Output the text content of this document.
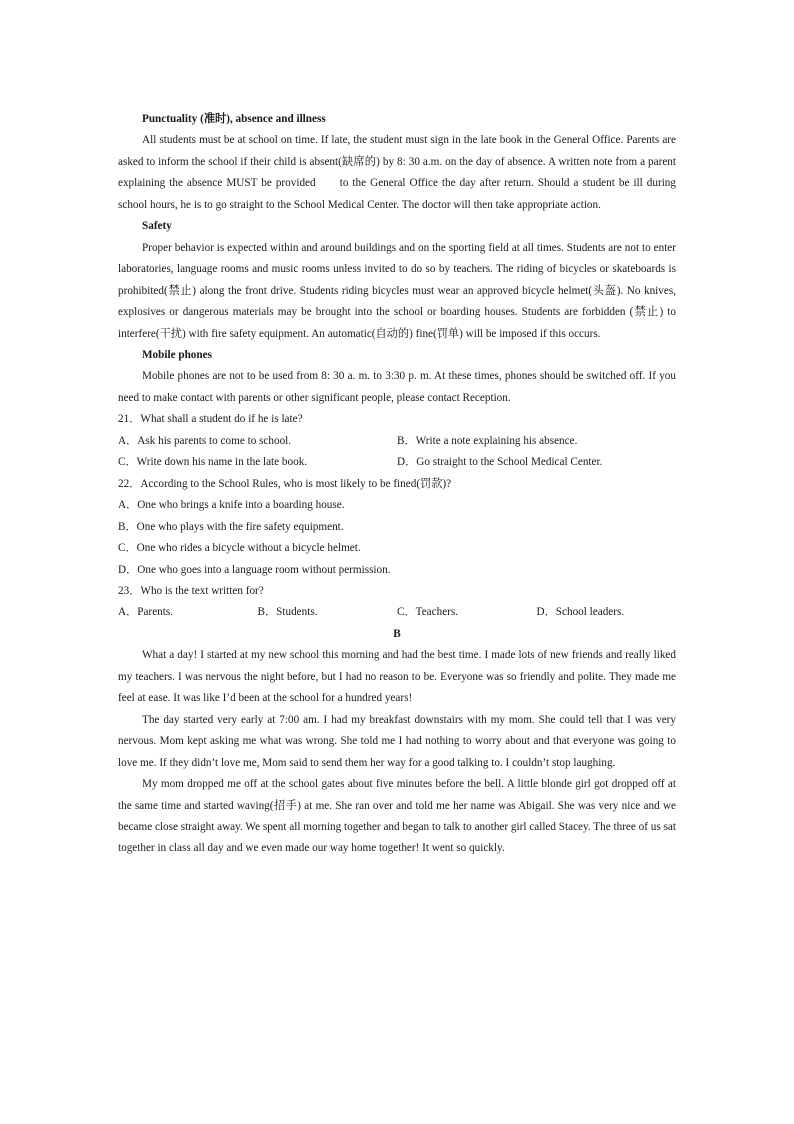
Punctuality (准时), absence and illness

All students must be at school on time. If late, the student must sign in the late book in the General Office. Parents are asked to inform the school if their child is absent(缺席的) by 8: 30 a.m. on the day of absence. A written note from a parent explaining the absence MUST be provided      to the General Office the day after return. Should a student be ill during school hours, he is to go straight to the School Medical Center. The doctor will then take appropriate action.

Safety

Proper behavior is expected within and around buildings and on the sporting field at all times. Students are not to enter laboratories, language rooms and music rooms unless invited to do so by teachers. The riding of bicycles or skateboards is prohibited(禁止) along the front drive. Students riding bicycles must wear an approved bicycle helmet(头盔). No knives, explosives or dangerous materials may be brought into the school or boarding houses. Students are forbidden (禁止) to interfere(干扰) with fire safety equipment. An automatic(自动的) fine(罚单) will be imposed if this occurs.

Mobile phones

Mobile phones are not to be used from 8: 30 a. m. to 3:30 p. m. At these times, phones should be switched off. If you need to make contact with parents or other significant people, please contact Reception.

21．What shall a student do if he is late?
A．Ask his parents to come to school.	B．Write a note explaining his absence.
C．Write down his name in the late book.	D．Go straight to the School Medical Center.
22．According to the School Rules, who is most likely to be fined(罚款)?
A．One who brings a knife into a boarding house.
B．One who plays with the fire safety equipment.
C．One who rides a bicycle without a bicycle helmet.
D．One who goes into a language room without permission.
23．Who is the text written for?
A．Parents.	B．Students.	C．Teachers.	D．School leaders.
B

What a day! I started at my new school this morning and had the best time. I made lots of new friends and really liked my teachers. I was nervous the night before, but I had no reason to be. Everyone was so friendly and polite. They made me feel at ease. It was like I’d been at the school for a hundred years!

The day started very early at 7:00 am. I had my breakfast downstairs with my mom. She could tell that I was very nervous. Mom kept asking me what was wrong. She told me I had nothing to worry about and that everyone was going to love me. If they didn’t love me, Mom said to send them her way for a good talking to. I couldn’t stop laughing.

My mom dropped me off at the school gates about five minutes before the bell. A little blonde girl got dropped off at the same time and started waving(招手) at me. She ran over and told me her name was Abigail. She was very nice and we became close straight away. We spent all morning together and began to talk to another girl called Stacey. The three of us sat together in class all day and we even made our way home together! It went so quickly.
